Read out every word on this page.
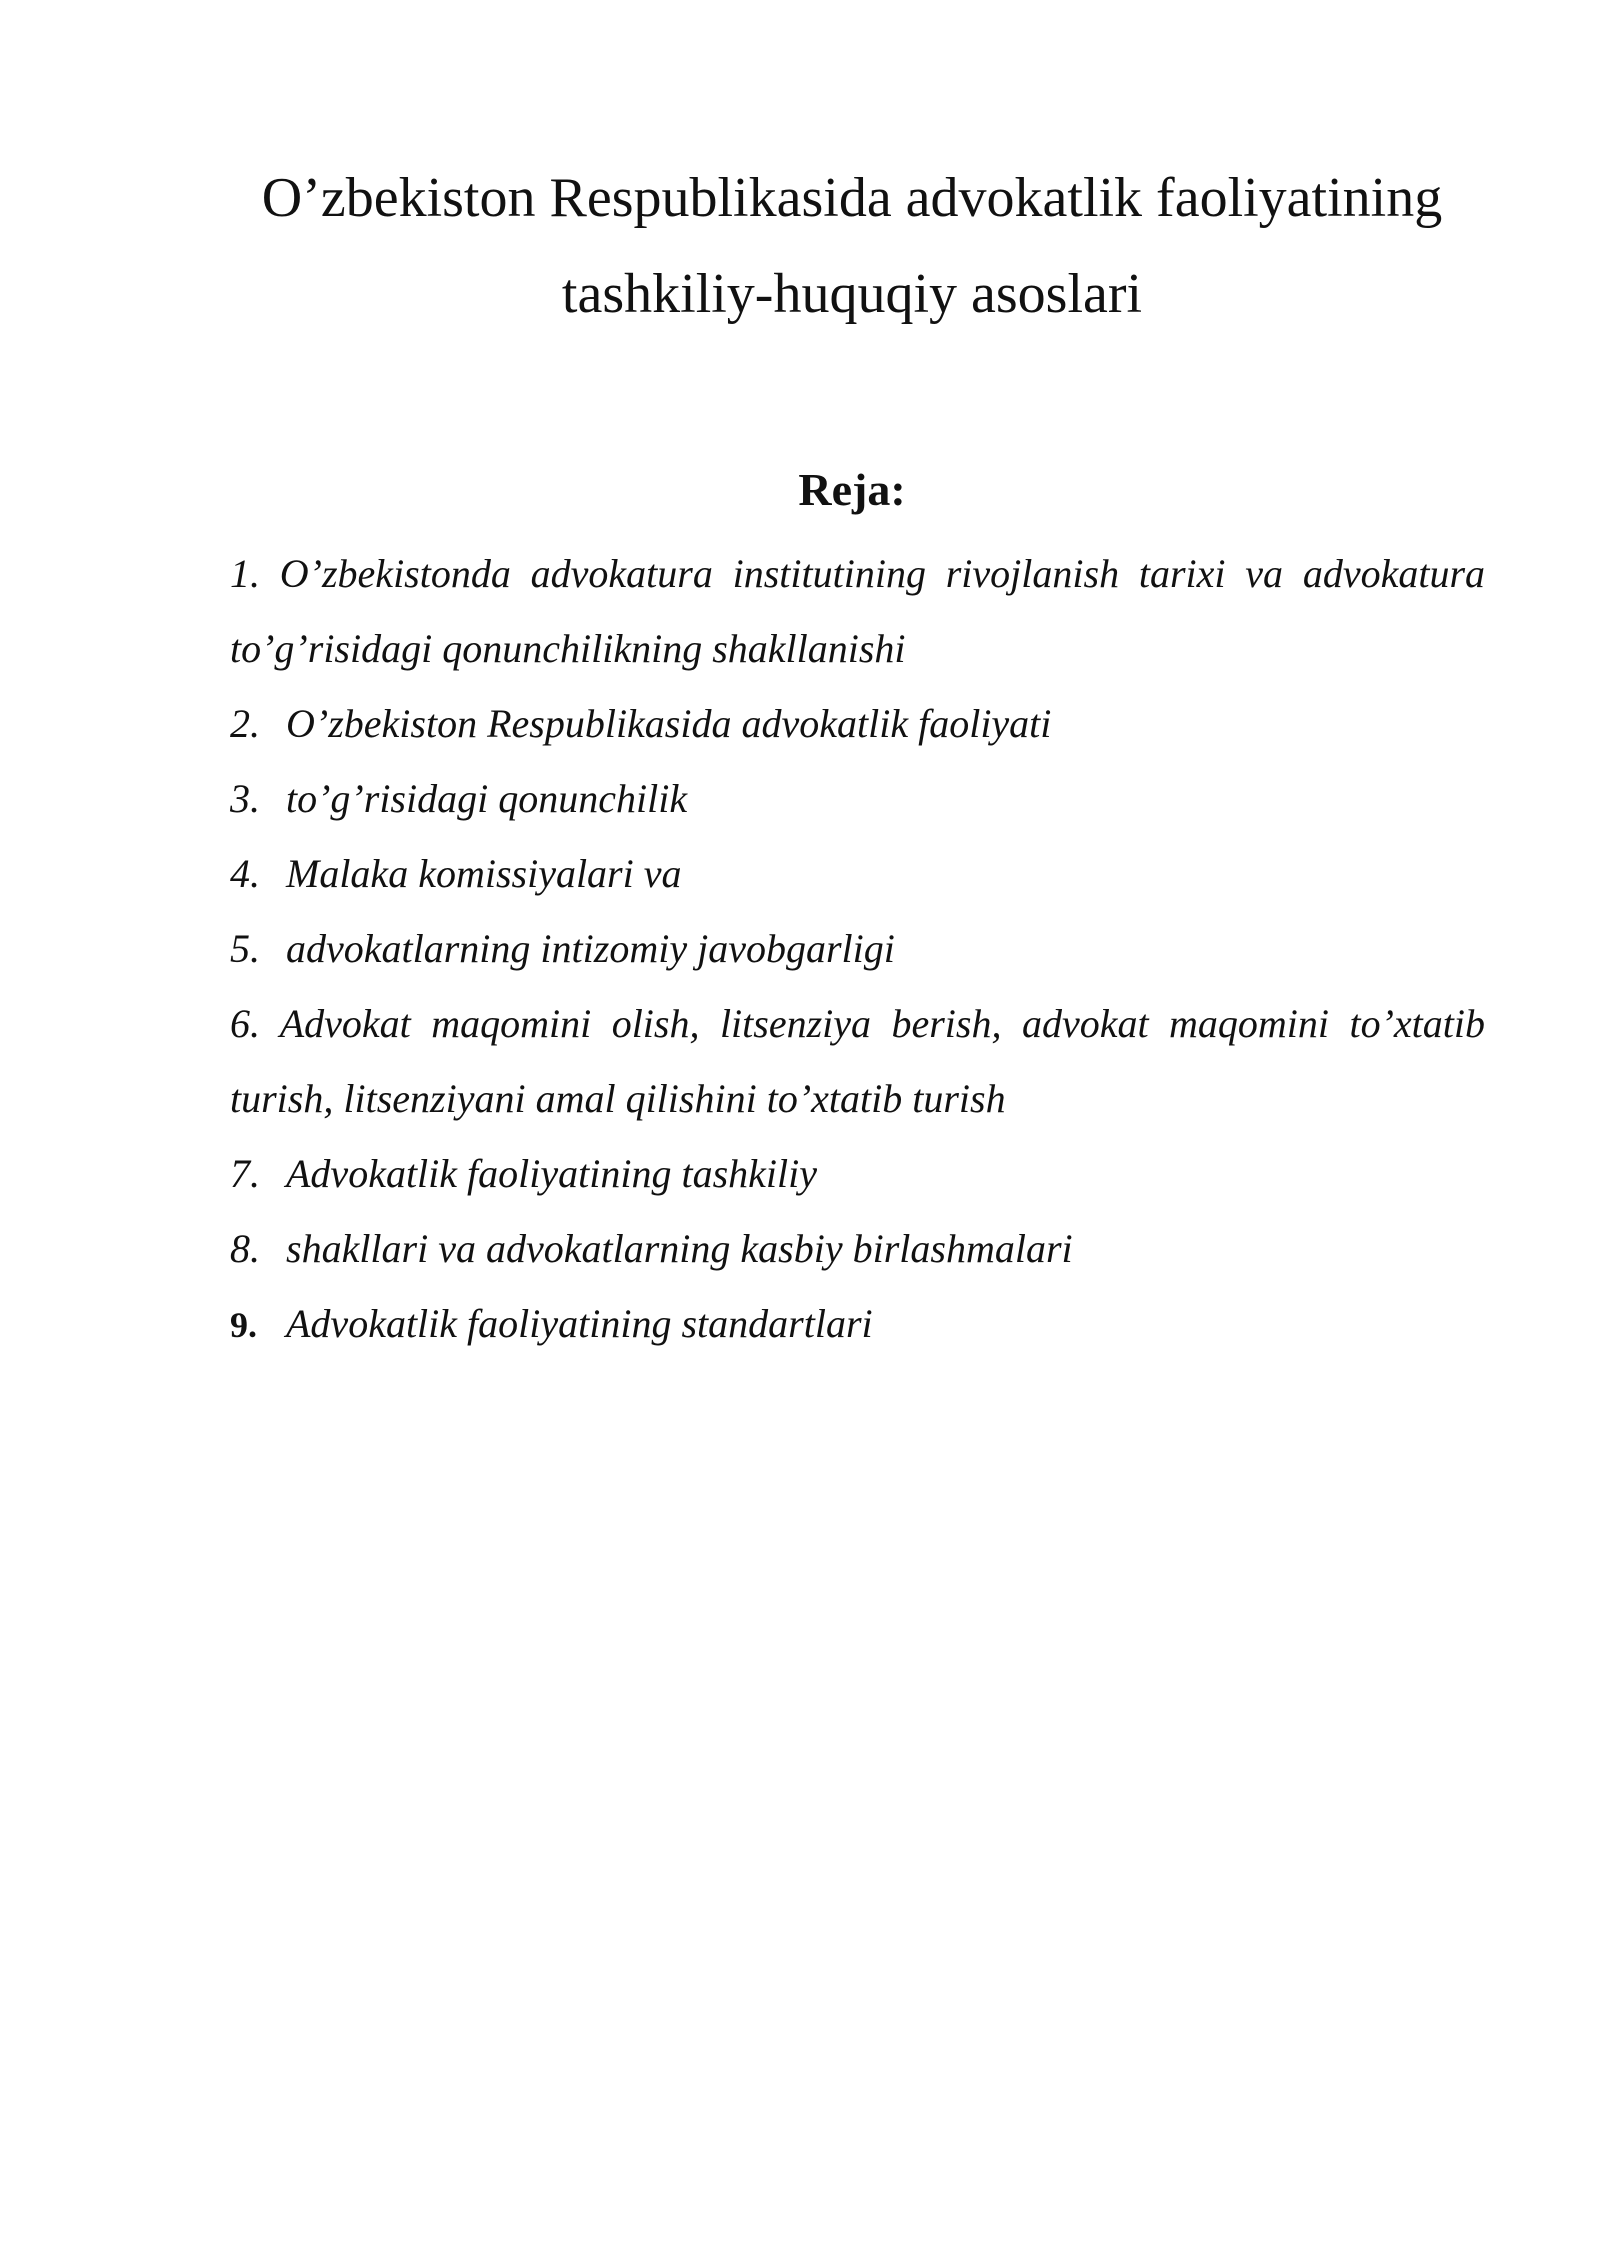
O’zbekiston Respublikasida advokatlik faoliyatining
tashkiliy-huquqiy asoslari
Reja:
1. O’zbekistonda advokatura institutining rivojlanish tarixi va advokatura to’g’risidagi qonunchilikning shakllanishi
2. O’zbekiston Respublikasida advokatlik faoliyati
3. to’g’risidagi qonunchilik
4. Malaka komissiyalari va
5. advokatlarning intizomiy javobgarligi
6. Advokat maqomini olish, litsenziya berish, advokat maqomini to’xtatib turish, litsenziyani amal qilishini to’xtatib turish
7. Advokatlik faoliyatining tashkiliy
8. shakllari va advokatlarning kasbiy birlashmalari
9. Advokatlik faoliyatining standartlari
